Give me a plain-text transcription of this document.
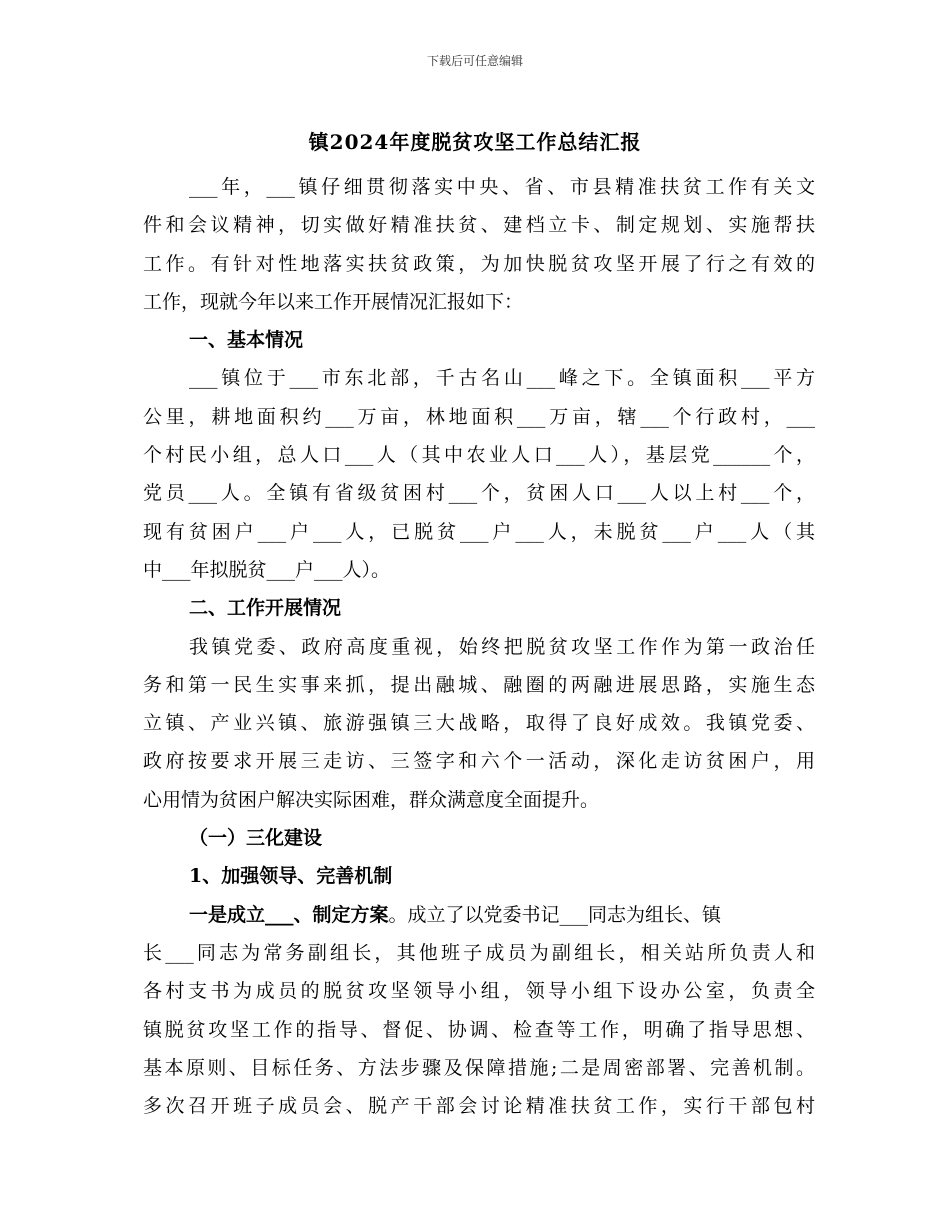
下载后可任意编辑
镇2024年度脱贫攻坚工作总结汇报
___年，___镇仔细贯彻落实中央、省、市县精准扶贫工作有关文
件和会议精神，切实做好精准扶贫、建档立卡、制定规划、实施帮扶
工作。有针对性地落实扶贫政策，为加快脱贫攻坚开展了行之有效的
工作，现就今年以来工作开展情况汇报如下：
一、基本情况
___镇位于___市东北部，千古名山___峰之下。全镇面积___平方
公里，耕地面积约___万亩，林地面积___万亩，辖___个行政村，___
个村民小组，总人口___人（其中农业人口___人），基层党______个，
党员___人。全镇有省级贫困村___个，贫困人口___人以上村___个，
现有贫困户___户___人，已脱贫___户___人，未脱贫___户___人（其
中___年拟脱贫___户___人）。
二、工作开展情况
我镇党委、政府高度重视，始终把脱贫攻坚工作作为第一政治任
务和第一民生实事来抓，提出融城、融圈的两融进展思路，实施生态
立镇、产业兴镇、旅游强镇三大战略，取得了良好成效。我镇党委、
政府按要求开展三走访、三签字和六个一活动，深化走访贫困户，用
心用情为贫困户解决实际困难，群众满意度全面提升。
（一）三化建设
1、加强领导、完善机制
一是成立___、制定方案。成立了以党委书记___同志为组长、镇
长___同志为常务副组长，其他班子成员为副组长，相关站所负责人和
各村支书为成员的脱贫攻坚领导小组，领导小组下设办公室，负责全
镇脱贫攻坚工作的指导、督促、协调、检查等工作，明确了指导思想、
基本原则、目标任务、方法步骤及保障措施;二是周密部署、完善机制。
多次召开班子成员会、脱产干部会讨论精准扶贫工作，实行干部包村
